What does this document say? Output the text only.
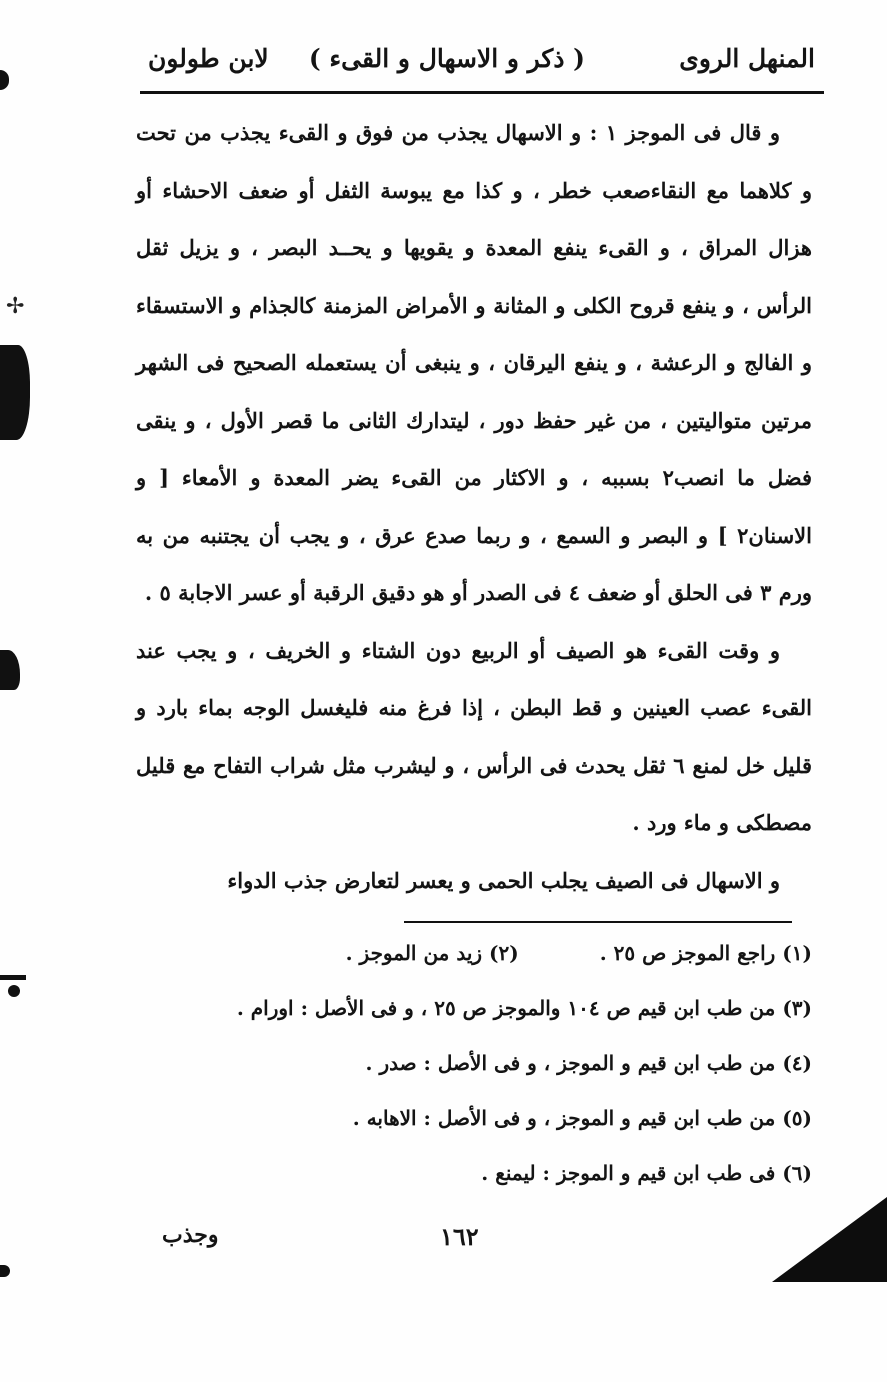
✢
المنهل الروى
( ذكر و الاسهال و القىء )
لابن طولون

و قال فى الموجز ١ : و الاسهال يجذب من فوق و القىء يجذب من تحت و كلاهما مع النقاءصعب خطر ، و كذا مع يبوسة الثفل أو ضعف الاحشاء أو هزال المراق ، و القىء ينفع المعدة و يقويها و يحــد البصر ، و يزيل ثقل الرأس ، و ينفع قروح الكلى و المثانة و الأمراض المزمنة كالجذام و الاستسقاء و الفالج و الرعشة ، و ينفع اليرقان ، و ينبغى أن يستعمله الصحيح فى الشهر مرتين متواليتين ، من غير حفظ دور ، ليتدارك الثانى ما قصر الأول ، و ينقى فضل ما انصب٢ بسببه ، و الاكثار من القىء يضر المعدة و الأمعاء [ و الاسنان٢ ] و البصر و السمع ، و ربما صدع عرق ، و يجب أن يجتنبه من به ورم ٣ فى الحلق أو ضعف ٤ فى الصدر أو هو دقيق الرقبة أو عسر الاجابة ٥ .

و وقت القىء هو الصيف أو الربيع دون الشتاء و الخريف ، و يجب عند القىء عصب العينين و قط البطن ، إذا فرغ منه فليغسل الوجه بماء بارد و قليل خل لمنع ٦ ثقل يحدث فى الرأس ، و ليشرب مثل شراب التفاح مع قليل مصطكى و ماء ورد .

و الاسهال فى الصيف يجلب الحمى و يعسر لتعارض جذب الدواء

(١) راجع الموجز ص ٢٥ . (٢) زيد من الموجز .
(٣) من طب ابن قيم ص ١٠٤ والموجز ص ٢٥ ، و فى الأصل : اورام .
(٤) من طب ابن قيم و الموجز ، و فى الأصل : صدر .
(٥) من طب ابن قيم و الموجز ، و فى الأصل : الاهابه .
(٦) فى طب ابن قيم و الموجز : ليمنع .
وجذب	١٦٢
